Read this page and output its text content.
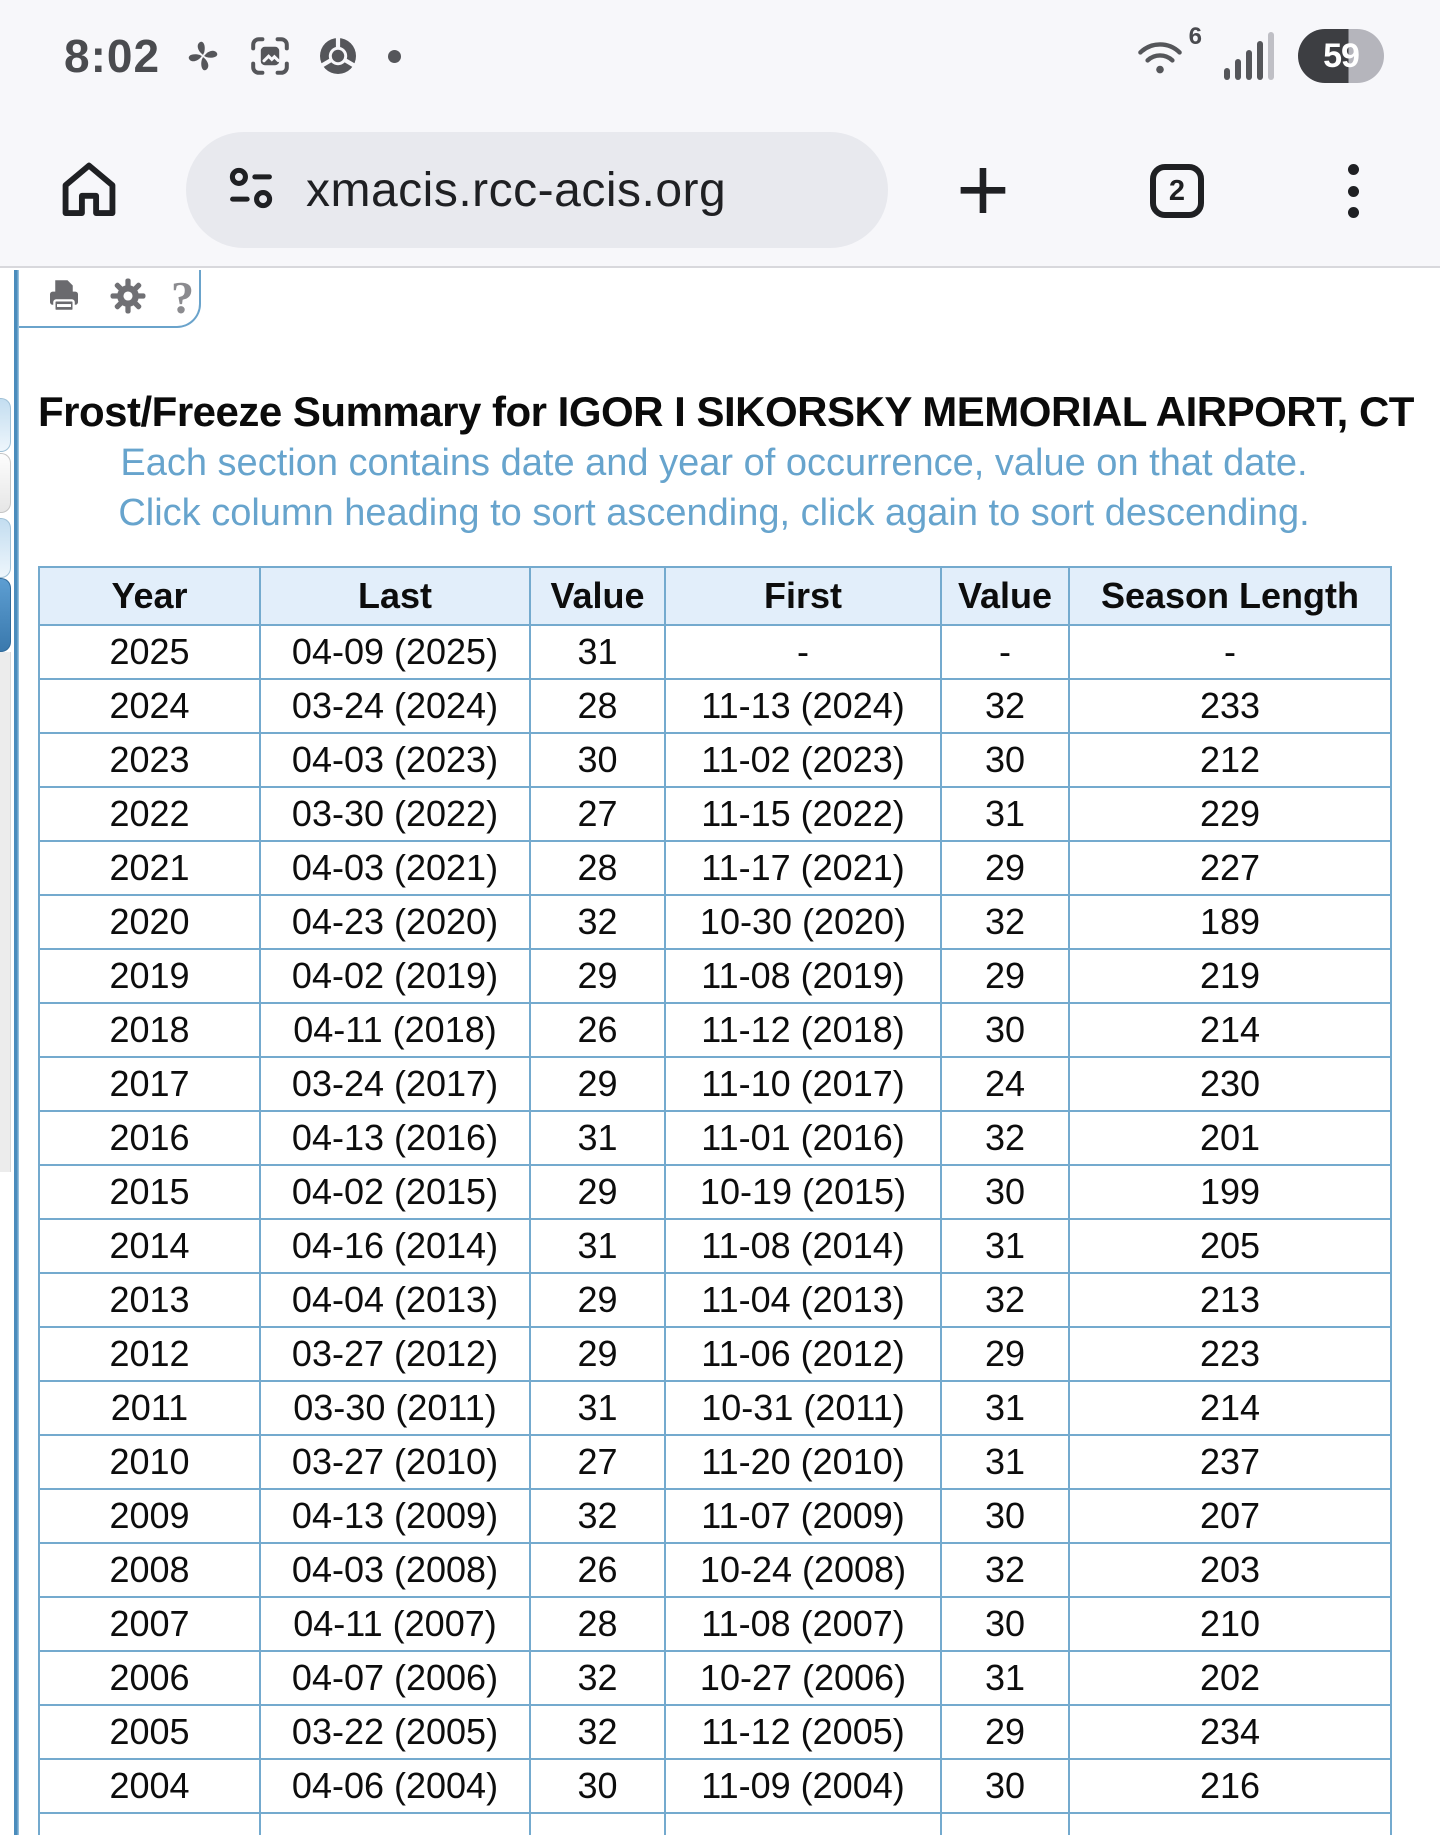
8:02	6	59
xmacis.rcc-acis.org +	2
?
Frost/Freeze Summary for IGOR I SIKORSKY MEMORIAL AIRPORT, CT
Each section contains date and year of occurrence, value on that date.
Click column heading to sort ascending, click again to sort descending.
Year	Last	Value	First	Value	Season Length
2025	04-09 (2025)	31	-	-	-
2024	03-24 (2024)	28	11-13 (2024)	32	233
2023	04-03 (2023)	30	11-02 (2023)	30	212
2022	03-30 (2022)	27	11-15 (2022)	31	229
2021	04-03 (2021)	28	11-17 (2021)	29	227
2020	04-23 (2020)	32	10-30 (2020)	32	189
2019	04-02 (2019)	29	11-08 (2019)	29	219
2018	04-11 (2018)	26	11-12 (2018)	30	214
2017	03-24 (2017)	29	11-10 (2017)	24	230
2016	04-13 (2016)	31	11-01 (2016)	32	201
2015	04-02 (2015)	29	10-19 (2015)	30	199
2014	04-16 (2014)	31	11-08 (2014)	31	205
2013	04-04 (2013)	29	11-04 (2013)	32	213
2012	03-27 (2012)	29	11-06 (2012)	29	223
2011	03-30 (2011)	31	10-31 (2011)	31	214
2010	03-27 (2010)	27	11-20 (2010)	31	237
2009	04-13 (2009)	32	11-07 (2009)	30	207
2008	04-03 (2008)	26	10-24 (2008)	32	203
2007	04-11 (2007)	28	11-08 (2007)	30	210
2006	04-07 (2006)	32	10-27 (2006)	31	202
2005	03-22 (2005)	32	11-12 (2005)	29	234
2004	04-06 (2004)	30	11-09 (2004)	30	216
